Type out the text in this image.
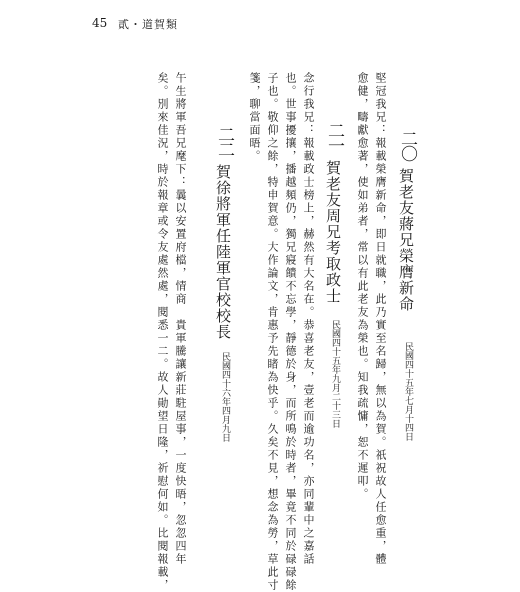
45 貳・道賀類
二〇
賀老友蔣兄榮膺新命
民國四十五年七月十四日
堅冠我兄：報載榮膺新命，即日就職，此乃實至名歸，無以為賀。祇祝故人任愈重，體
愈健，疇獻愈著，使如弟者，常以有此老友為榮也。知我疏慵，恕不遲叩。
二一
賀老友周兄考取政士
民國四十五年九月二十三日
念行我兄：報載政士榜上，赫然有大名在。恭喜老友，壹老而逾功名，亦同輩中之嘉話
也。世事擾攘，播越頻仍，獨兄寢饋不忘學，靜德於身，而所鳴於時者，畢竟不同於碌碌餘
子也。敬仰之餘，特申賀意。大作論文，肯惠予先睹為快乎。久矣不見，想念為勞，草此寸
箋，聊當面晤。
二二
賀徐將軍任陸軍官校校長
民國四十六年四月九日
午生將軍吾兄麾下：曩以安置府檔，情商　貴軍騰讓新莊駐屋事，一度快晤，忽忽四年
矣。別來佳況，時於報章或令友處然處，閱悉一二。故人勛望日隆，祈慰何如。比閱報載，
